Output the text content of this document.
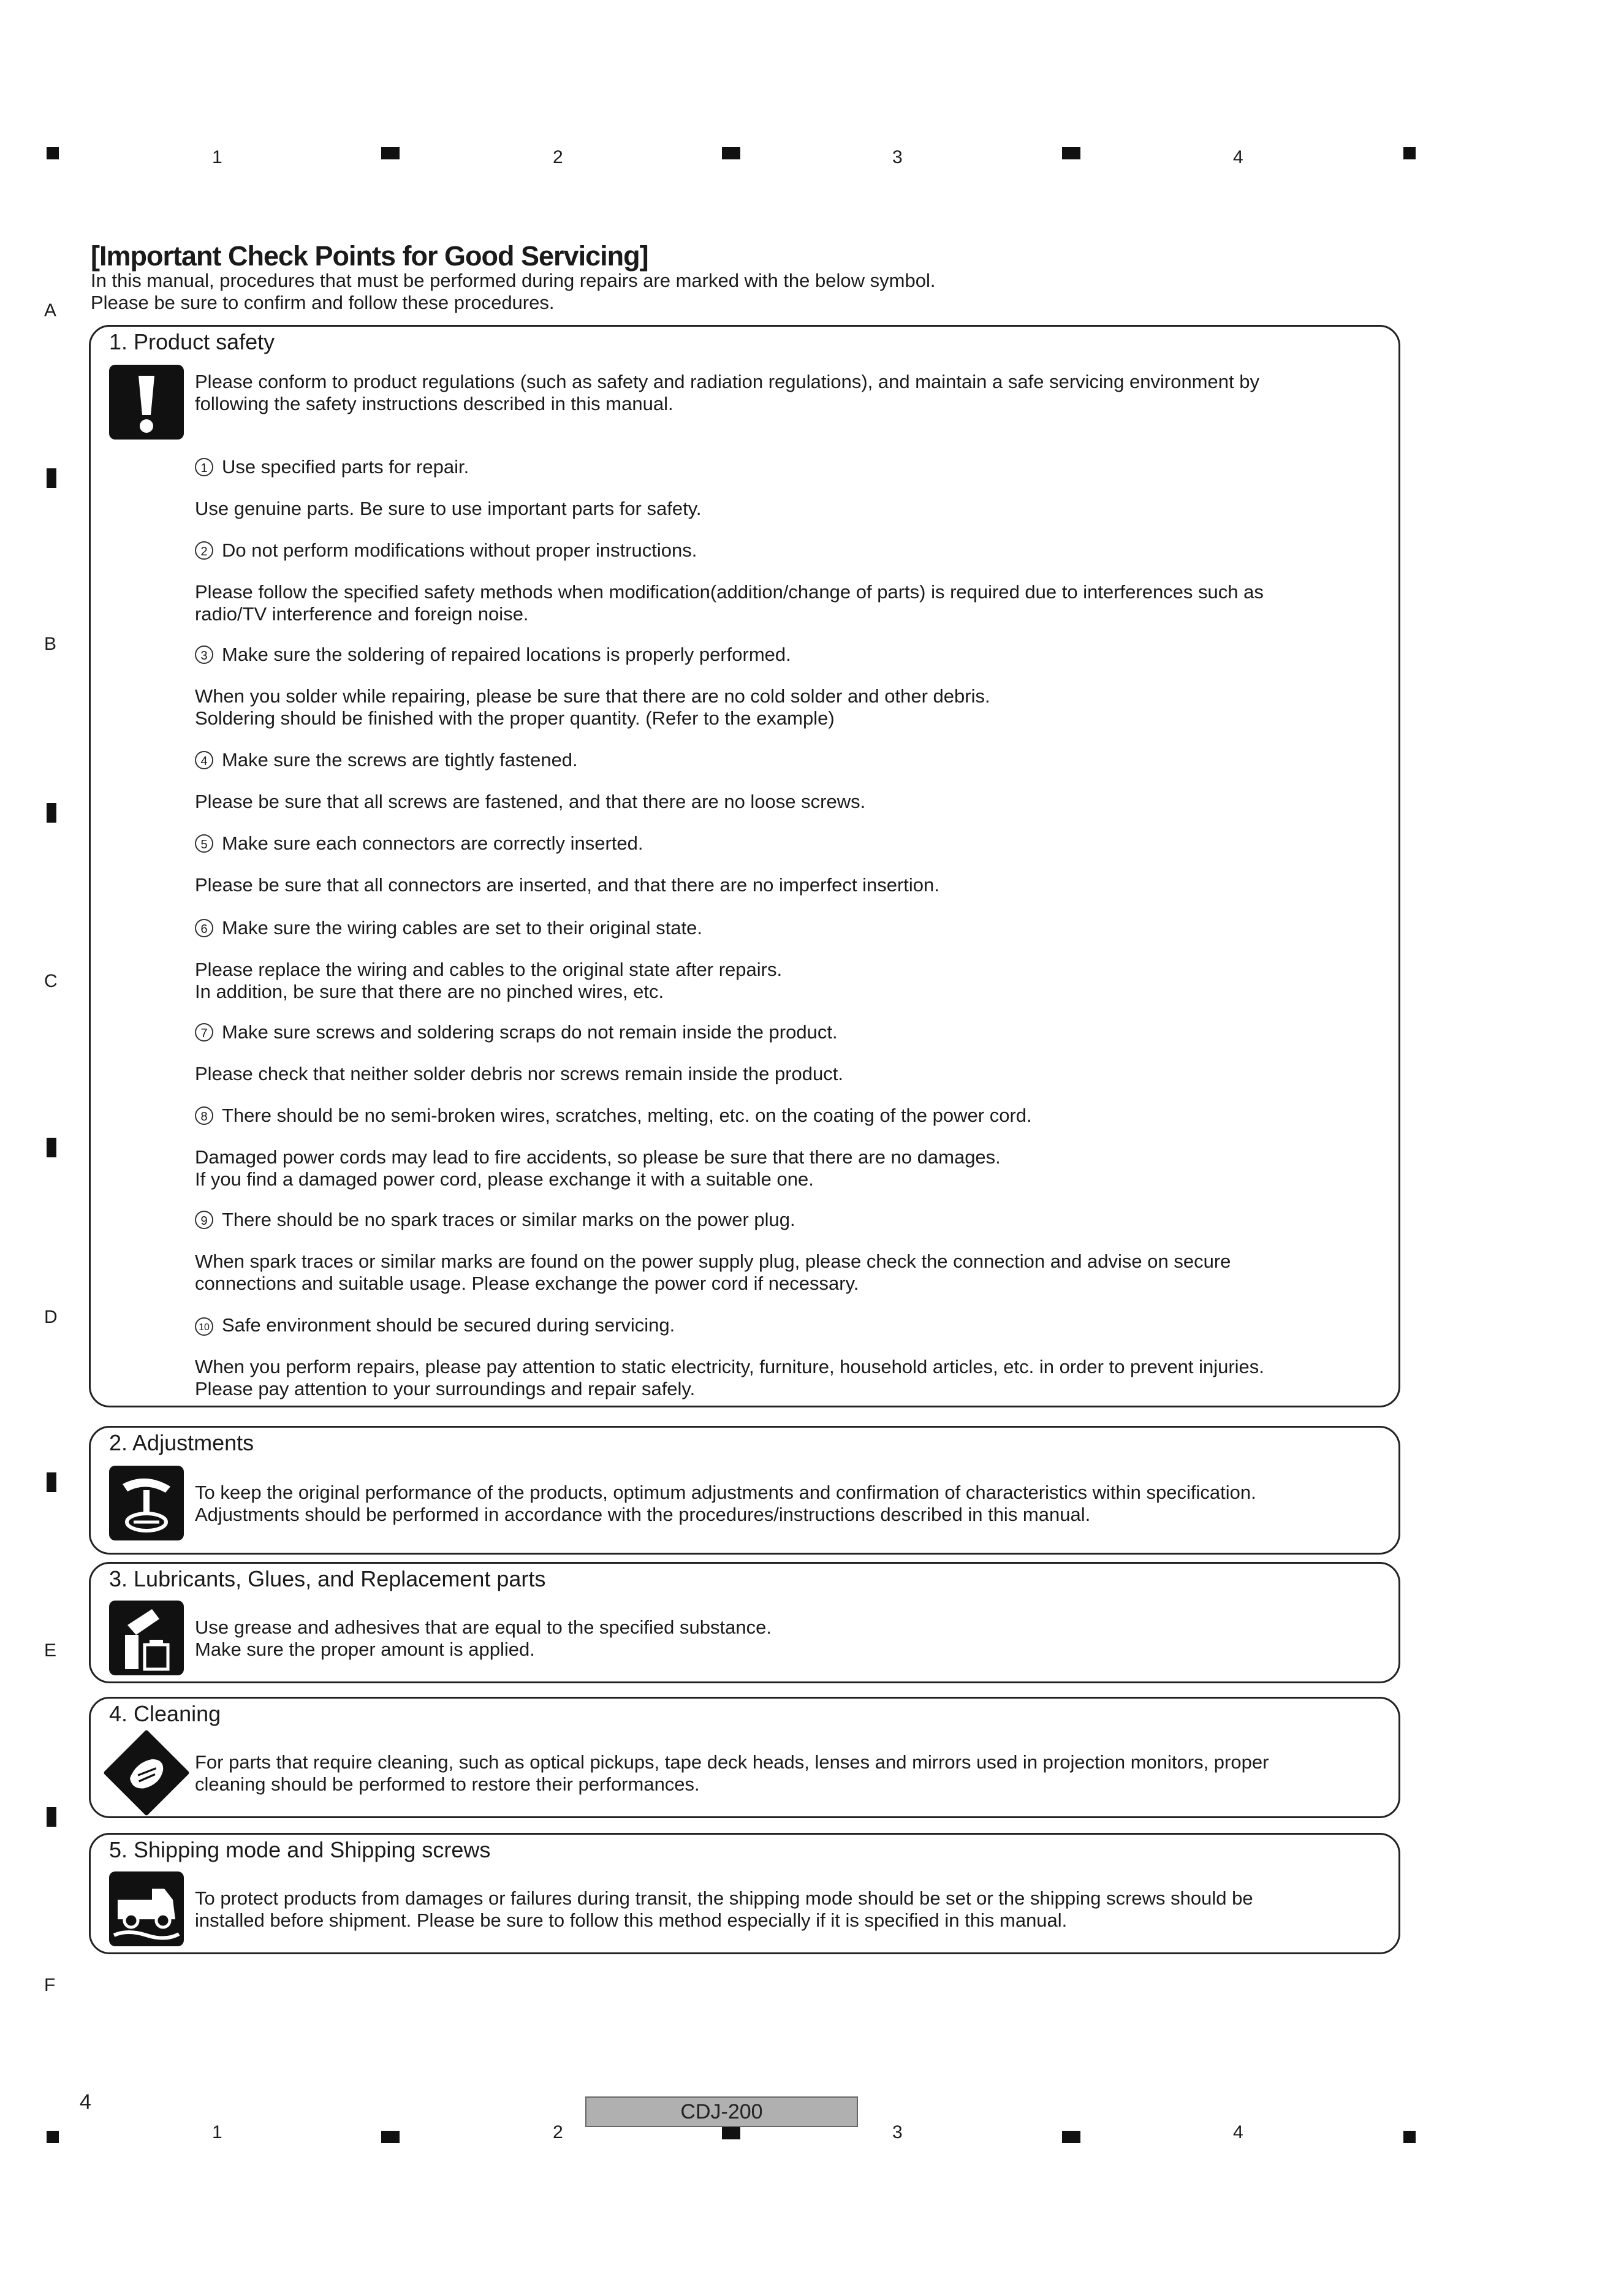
1	2	3	4
A
B
C
D
E
F
[Important Check Points for Good Servicing]
In this manual, procedures that must be performed during repairs are marked with the below symbol.
Please be sure to confirm and follow these procedures.
1. Product safety
Please conform to product regulations (such as safety and radiation regulations), and maintain a safe servicing environment by following the safety instructions described in this manual.
1 Use specified parts for repair.
Use genuine parts. Be sure to use important parts for safety.
2 Do not perform modifications without proper instructions.
Please follow the specified safety methods when modification(addition/change of parts) is required due to interferences such as radio/TV interference and foreign noise.
3 Make sure the soldering of repaired locations is properly performed.
When you solder while repairing, please be sure that there are no cold solder and other debris.
Soldering should be finished with the proper quantity. (Refer to the example)
4 Make sure the screws are tightly fastened.
Please be sure that all screws are fastened, and that there are no loose screws.
5 Make sure each connectors are correctly inserted.
Please be sure that all connectors are inserted, and that there are no imperfect insertion.
6 Make sure the wiring cables are set to their original state.
Please replace the wiring and cables to the original state after repairs.
In addition, be sure that there are no pinched wires, etc.
7 Make sure screws and soldering scraps do not remain inside the product.
Please check that neither solder debris nor screws remain inside the product.
8 There should be no semi-broken wires, scratches, melting, etc. on the coating of the power cord.
Damaged power cords may lead to fire accidents, so please be sure that there are no damages.
If you find a damaged power cord, please exchange it with a suitable one.
9 There should be no spark traces or similar marks on the power plug.
When spark traces or similar marks are found on the power supply plug, please check the connection and advise on secure connections and suitable usage. Please exchange the power cord if necessary.
10 Safe environment should be secured during servicing.
When you perform repairs, please pay attention to static electricity, furniture, household articles, etc. in order to prevent injuries.
Please pay attention to your surroundings and repair safely.
2. Adjustments
To keep the original performance of the products, optimum adjustments and confirmation of characteristics within specification.
Adjustments should be performed in accordance with the procedures/instructions described in this manual.
3. Lubricants, Glues, and Replacement parts
Use grease and adhesives that are equal to the specified substance.
Make sure the proper amount is applied.
4. Cleaning
For parts that require cleaning, such as optical pickups, tape deck heads, lenses and mirrors used in projection monitors, proper
cleaning should be performed to restore their performances.
5. Shipping mode and Shipping screws
To protect products from damages or failures during transit, the shipping mode should be set or the shipping screws should be
installed before shipment. Please be sure to follow this method especially if it is specified in this manual.
4	CDJ-200
1	2	3	4
